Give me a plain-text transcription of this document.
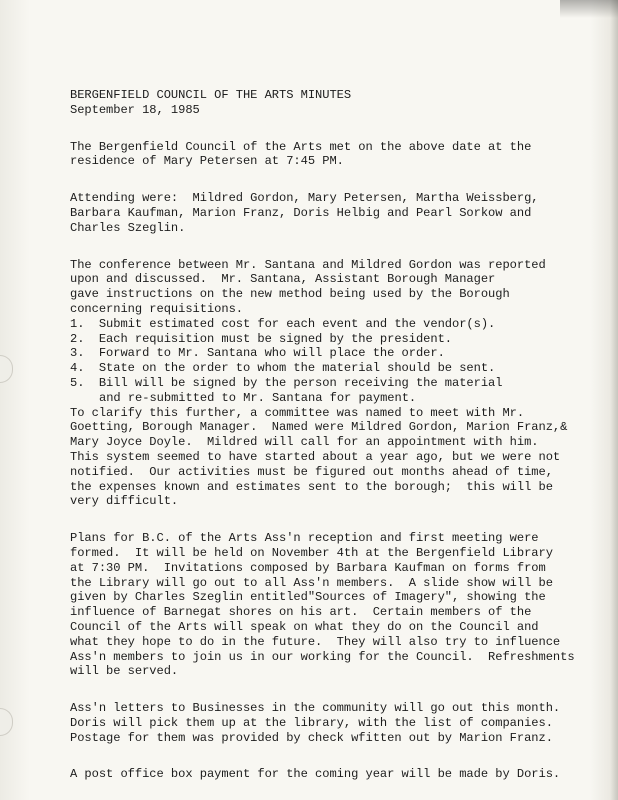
BERGENFIELD COUNCIL OF THE ARTS MINUTES
September 18, 1985
The Bergenfield Council of the Arts met on the above date at the
residence of Mary Petersen at 7:45 PM.
Attending were:  Mildred Gordon, Mary Petersen, Martha Weissberg,
Barbara Kaufman, Marion Franz, Doris Helbig and Pearl Sorkow and
Charles Szeglin.
The conference between Mr. Santana and Mildred Gordon was reported
upon and discussed.  Mr. Santana, Assistant Borough Manager
gave instructions on the new method being used by the Borough
concerning requisitions.
1.  Submit estimated cost for each event and the vendor(s).
2.  Each requisition must be signed by the president.
3.  Forward to Mr. Santana who will place the order.
4.  State on the order to whom the material should be sent.
5.  Bill will be signed by the person receiving the material
and re-submitted to Mr. Santana for payment.
To clarify this further, a committee was named to meet with Mr.
Goetting, Borough Manager.  Named were Mildred Gordon, Marion Franz,&
Mary Joyce Doyle.  Mildred will call for an appointment with him.
This system seemed to have started about a year ago, but we were not
notified.  Our activities must be figured out months ahead of time,
the expenses known and estimates sent to the borough;  this will be
very difficult.
Plans for B.C. of the Arts Ass'n reception and first meeting were
formed.  It will be held on November 4th at the Bergenfield Library
at 7:30 PM.  Invitations composed by Barbara Kaufman on forms from
the Library will go out to all Ass'n members.  A slide show will be
given by Charles Szeglin entitled"Sources of Imagery", showing the
influence of Barnegat shores on his art.  Certain members of the
Council of the Arts will speak on what they do on the Council and
what they hope to do in the future.  They will also try to influence
Ass'n members to join us in our working for the Council.  Refreshments
will be served.
Ass'n letters to Businesses in the community will go out this month.
Doris will pick them up at the library, with the list of companies.
Postage for them was provided by check wfitten out by Marion Franz.
A post office box payment for the coming year will be made by Doris.
